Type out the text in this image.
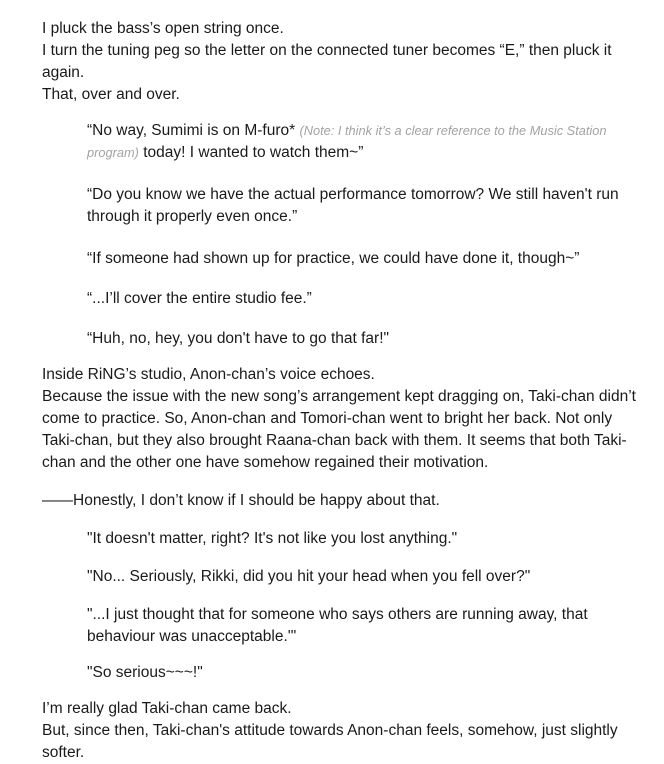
I pluck the bass’s open string once.
I turn the tuning peg so the letter on the connected tuner becomes “E,” then pluck it again.
That, over and over.
“No way, Sumimi is on M-furo* (Note: I think it’s a clear reference to the Music Station program) today! I wanted to watch them~”
“Do you know we have the actual performance tomorrow? We still haven't run through it properly even once.”
“If someone had shown up for practice, we could have done it, though~”
“...I’ll cover the entire studio fee.”
“Huh, no, hey, you don't have to go that far!"
Inside RiNG’s studio, Anon-chan’s voice echoes.
Because the issue with the new song’s arrangement kept dragging on, Taki-chan didn’t come to practice. So, Anon-chan and Tomori-chan went to bright her back. Not only Taki-chan, but they also brought Raana-chan back with them. It seems that both Taki-chan and the other one have somehow regained their motivation.
——Honestly, I don’t know if I should be happy about that.
"It doesn't matter, right? It's not like you lost anything."
"No... Seriously, Rikki, did you hit your head when you fell over?"
"...I just thought that for someone who says others are running away, that behaviour was unacceptable.'"
"So serious~~~!"
I’m really glad Taki-chan came back.
But, since then, Taki-chan's attitude towards Anon-chan feels, somehow, just slightly softer.
